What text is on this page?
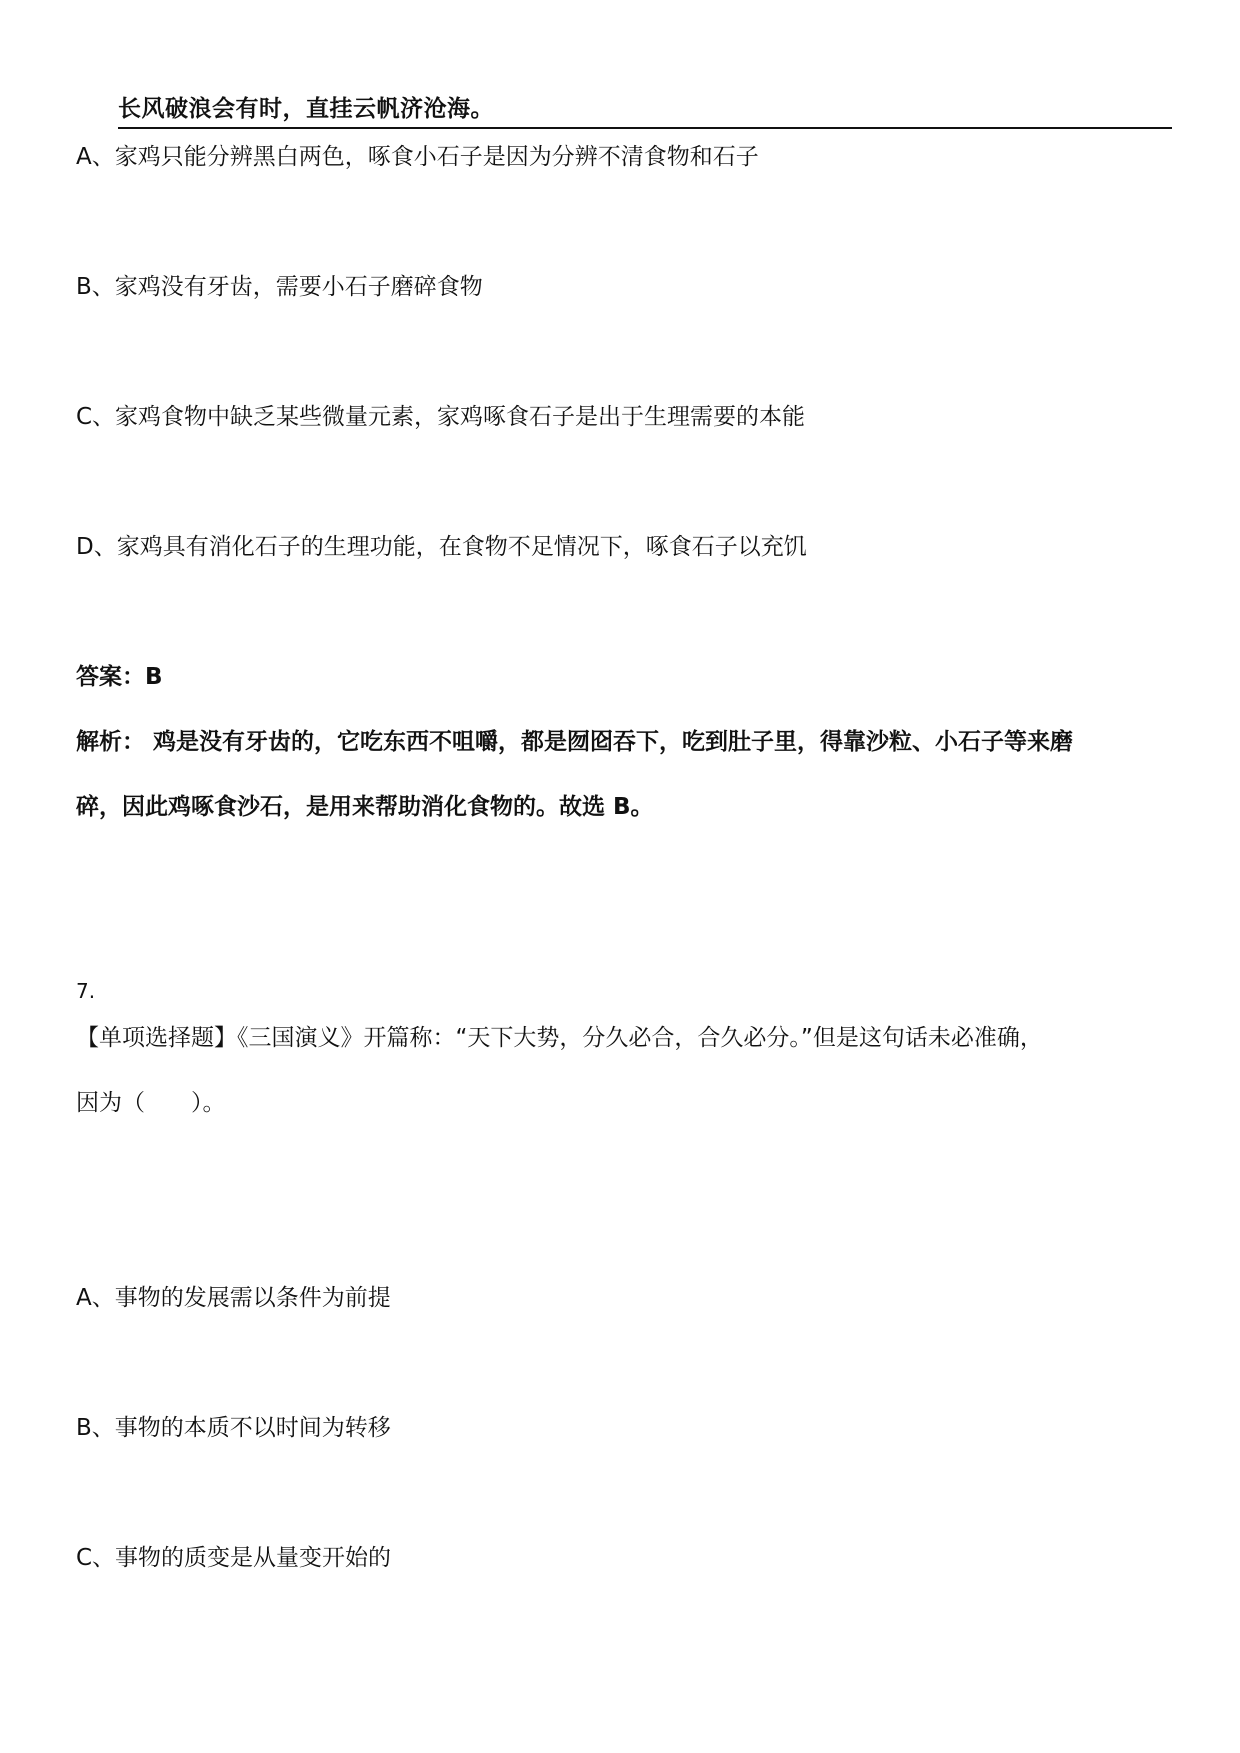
长风破浪会有时，直挂云帆济沧海。
A、家鸡只能分辨黑白两色，啄食小石子是因为分辨不清食物和石子
B、家鸡没有牙齿，需要小石子磨碎食物
C、家鸡食物中缺乏某些微量元素，家鸡啄食石子是出于生理需要的本能
D、家鸡具有消化石子的生理功能，在食物不足情况下，啄食石子以充饥
答案：B
解析： 鸡是没有牙齿的，它吃东西不咀嚼，都是囫囵吞下，吃到肚子里，得靠沙粒、小石子等来磨
碎，因此鸡啄食沙石，是用来帮助消化食物的。故选 B。
7.
【单项选择题】《三国演义》开篇称：“天下大势，分久必合，合久必分。”但是这句话未必准确，
因为（　　）。
A、事物的发展需以条件为前提
B、事物的本质不以时间为转移
C、事物的质变是从量变开始的
